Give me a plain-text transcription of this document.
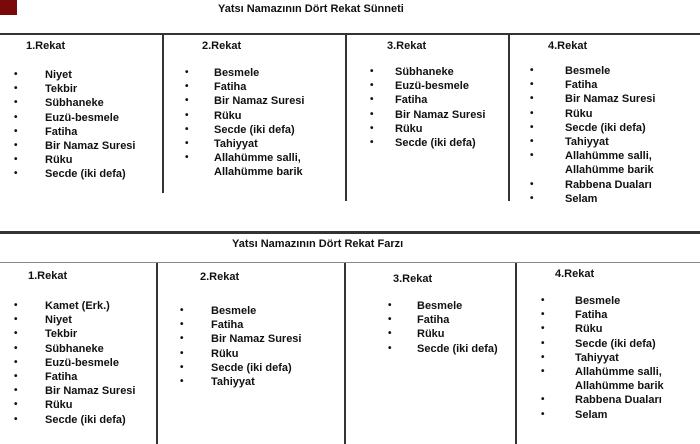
Yatsı Namazının Dört Rekat Sünneti
Yatsı Namazının Dört Rekat Farzı
1.Rekat
• Niyet
• Tekbir
• Sübhaneke
• Euzü-besmele
• Fatiha
• Bir Namaz Suresi
• Rüku
• Secde (iki defa)
2.Rekat
• Besmele
• Fatiha
• Bir Namaz Suresi
• Rüku
• Secde (iki defa)
• Tahiyyat
• Allahümme salli,
Allahümme barik
3.Rekat
• Sübhaneke
• Euzü-besmele
• Fatiha
• Bir Namaz Suresi
• Rüku
• Secde (iki defa)
4.Rekat
•	Besmele
•	Fatiha
•	Bir Namaz Suresi
•	Rüku
•	Secde (iki defa)
•	Tahiyyat
•	Allahümme salli,
Allahümme barik
•	Rabbena Duaları
•	Selam
1.Rekat
• Kamet (Erk.)
• Niyet
• Tekbir
• Sübhaneke
• Euzü-besmele
• Fatiha
• Bir Namaz Suresi
• Rüku
• Secde (iki defa)
2.Rekat
• Besmele
• Fatiha
• Bir Namaz Suresi
• Rüku
• Secde (iki defa)
• Tahiyyat
3.Rekat
• Besmele
• Fatiha
• Rüku
• Secde (iki defa)
4.Rekat
•	Besmele
•	Fatiha
•	Rüku
•	Secde (iki defa)
•	Tahiyyat
•	Allahümme salli,
Allahümme barik
•	Rabbena Duaları
•	Selam
